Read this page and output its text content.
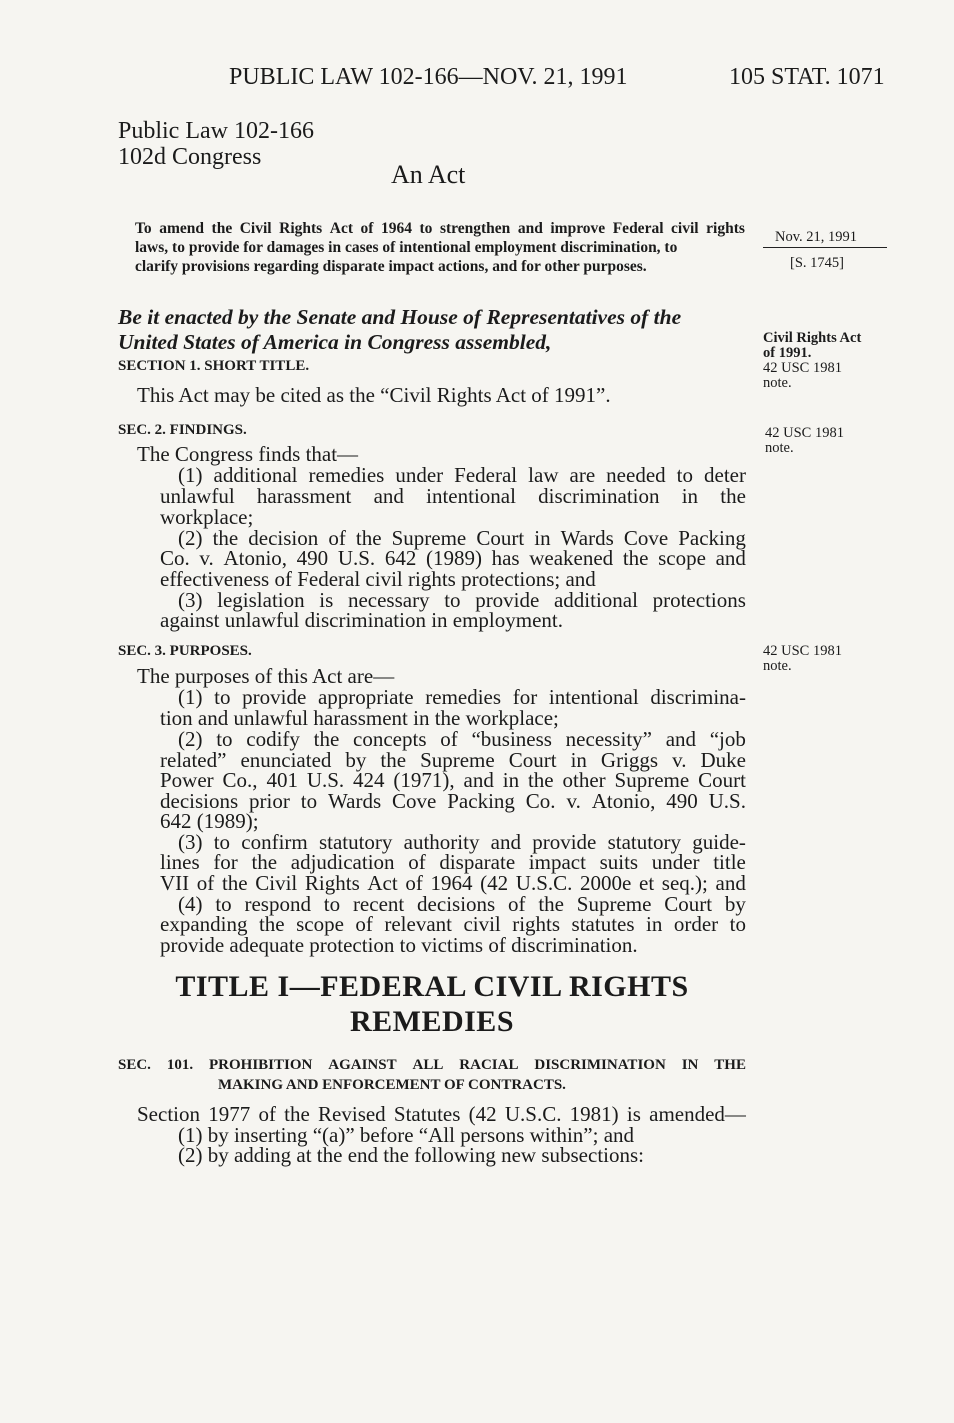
PUBLIC LAW 102-166—NOV. 21, 1991	105 STAT. 1071
Public Law 102-166
102d Congress
An Act
To amend the Civil Rights Act of 1964 to strengthen and improve Federal civil rights
laws, to provide for damages in cases of intentional employment discrimination, to
clarify provisions regarding disparate impact actions, and for other purposes.
Nov. 21, 1991
[S. 1745]
Be it enacted by the Senate and House of Representatives of the
United States of America in Congress assembled,	Civil Rights Act
of 1991.
42 USC 1981
note.
SECTION 1. SHORT TITLE.
This Act may be cited as the “Civil Rights Act of 1991”.
SEC. 2. FINDINGS.	42 USC 1981
note.
The Congress finds that—
(1) additional remedies under Federal law are needed to deter
unlawful harassment and intentional discrimination in the
workplace;
(2) the decision of the Supreme Court in Wards Cove Packing
Co. v. Atonio, 490 U.S. 642 (1989) has weakened the scope and
effectiveness of Federal civil rights protections; and
(3) legislation is necessary to provide additional protections
against unlawful discrimination in employment.
SEC. 3. PURPOSES.	42 USC 1981
note.
The purposes of this Act are—
(1) to provide appropriate remedies for intentional discrimina-
tion and unlawful harassment in the workplace;
(2) to codify the concepts of “business necessity” and “job
related” enunciated by the Supreme Court in Griggs v. Duke
Power Co., 401 U.S. 424 (1971), and in the other Supreme Court
decisions prior to Wards Cove Packing Co. v. Atonio, 490 U.S.
642 (1989);
(3) to confirm statutory authority and provide statutory guide-
lines for the adjudication of disparate impact suits under title
VII of the Civil Rights Act of 1964 (42 U.S.C. 2000e et seq.); and
(4) to respond to recent decisions of the Supreme Court by
expanding the scope of relevant civil rights statutes in order to
provide adequate protection to victims of discrimination.
TITLE I—FEDERAL CIVIL RIGHTS
REMEDIES
SEC. 101. PROHIBITION AGAINST ALL RACIAL DISCRIMINATION IN THE
MAKING AND ENFORCEMENT OF CONTRACTS.
Section 1977 of the Revised Statutes (42 U.S.C. 1981) is amended—
(1) by inserting “(a)” before “All persons within”; and
(2) by adding at the end the following new subsections:
